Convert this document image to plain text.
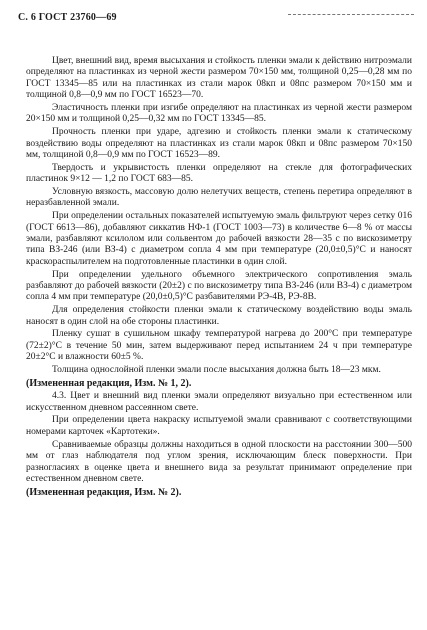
С. 6 ГОСТ 23760—69

Цвет, внешний вид, время высыхания и стойкость пленки эмали к действию нитроэмали определяют на пластинках из черной жести размером 70×150 мм, толщиной 0,25—0,28 мм по ГОСТ 13345—85 или на пластинках из стали марок 08кп и 08пс размером 70×150 мм и толщиной 0,8—0,9 мм по ГОСТ 16523—70.

Эластичность пленки при изгибе определяют на пластинках из черной жести размером 20×150 мм и толщиной 0,25—0,32 мм по ГОСТ 13345—85.

Прочность пленки при ударе, адгезию и стойкость пленки эмали к статическому воздействию воды определяют на пластинках из стали марок 08кп и 08пс размером 70×150 мм, толщиной 0,8—0,9 мм по ГОСТ 16523—89.

Твердость и укрывистость пленки определяют на стекле для фотографических пластинок 9×12 — 1,2 по ГОСТ 683—85.

Условную вязкость, массовую долю нелетучих веществ, степень перетира определяют в неразбавленной эмали.

При определении остальных показателей испытуемую эмаль фильтруют через сетку 016 (ГОСТ 6613—86), добавляют сиккатив НФ-1 (ГОСТ 1003—73) в количестве 6—8 % от массы эмали, разбавляют ксилолом или сольвентом до рабочей вязкости 28—35 с по вискозиметру типа ВЗ-246 (или ВЗ-4) с диаметром сопла 4 мм при температуре (20,0±0,5)°С и наносят краскораспылителем на подготовленные пластинки в один слой.

При определении удельного объемного электрического сопротивления эмаль разбавляют до рабочей вязкости (20±2) с по вискозиметру типа ВЗ-246 (или ВЗ-4) с диаметром сопла 4 мм при температуре (20,0±0,5)°С разбавителями РЭ-4В, РЭ-8В.

Для определения стойкости пленки эмали к статическому воздействию воды эмаль наносят в один слой на обе стороны пластинки.

Пленку сушат в сушильном шкафу температурой нагрева до 200°С при температуре (72±2)°С в течение 50 мин, затем выдерживают перед испытанием 24 ч при температуре 20±2°С и влажности 60±5 %.

Толщина однослойной пленки эмали после высыхания должна быть 18—23 мкм.

(Измененная редакция, Изм. № 1, 2).

4.3. Цвет и внешний вид пленки эмали определяют визуально при естественном или искусственном дневном рассеянном свете.

При определении цвета накраску испытуемой эмали сравнивают с соответствующими номерами карточек «Картотеки».

Сравниваемые образцы должны находиться в одной плоскости на расстоянии 300—500 мм от глаз наблюдателя под углом зрения, исключающим блеск поверхности. При разногласиях в оценке цвета и внешнего вида за результат принимают определение при естественном дневном свете.

(Измененная редакция, Изм. № 2).
